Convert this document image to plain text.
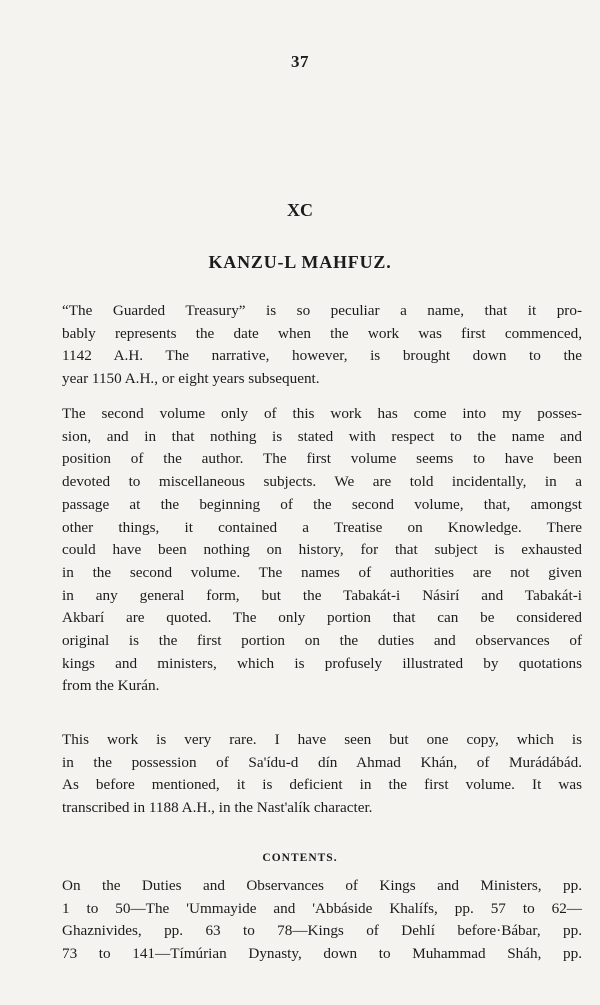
37
XC
KANZU-L MAHFUZ.

“The Guarded Treasury” is so peculiar a name, that it pro-

bably represents the date when the work was first commenced,

1142 A.H. The narrative, however, is brought down to the

year 1150 A.H., or eight years subsequent.

The second volume only of this work has come into my posses-

sion, and in that nothing is stated with respect to the name and

position of the author. The first volume seems to have been

devoted to miscellaneous subjects. We are told incidentally, in a

passage at the beginning of the second volume, that, amongst

other things, it contained a Treatise on Knowledge. There

could have been nothing on history, for that subject is exhausted

in the second volume. The names of authorities are not given

in any general form, but the Tabakát-i Násirí and Tabakát-i

Akbarí are quoted. The only portion that can be considered

original is the first portion on the duties and observances of

kings and ministers, which is profusely illustrated by quotations

from the Kurán.

This work is very rare. I have seen but one copy, which is

in the possession of Sa'ídu-d dín Ahmad Khán, of Murádábád.

As before mentioned, it is deficient in the first volume. It was

transcribed in 1188 A.H., in the Nast'alík character.

CONTENTS.

On the Duties and Observances of Kings and Ministers, pp.

1 to 50—The 'Ummayide and 'Abbáside Khalífs, pp. 57 to 62—

Ghaznivides, pp. 63 to 78—Kings of Dehlí before·Bábar, pp.

73 to 141—Tímúrian Dynasty, down to Muhammad Sháh, pp.
